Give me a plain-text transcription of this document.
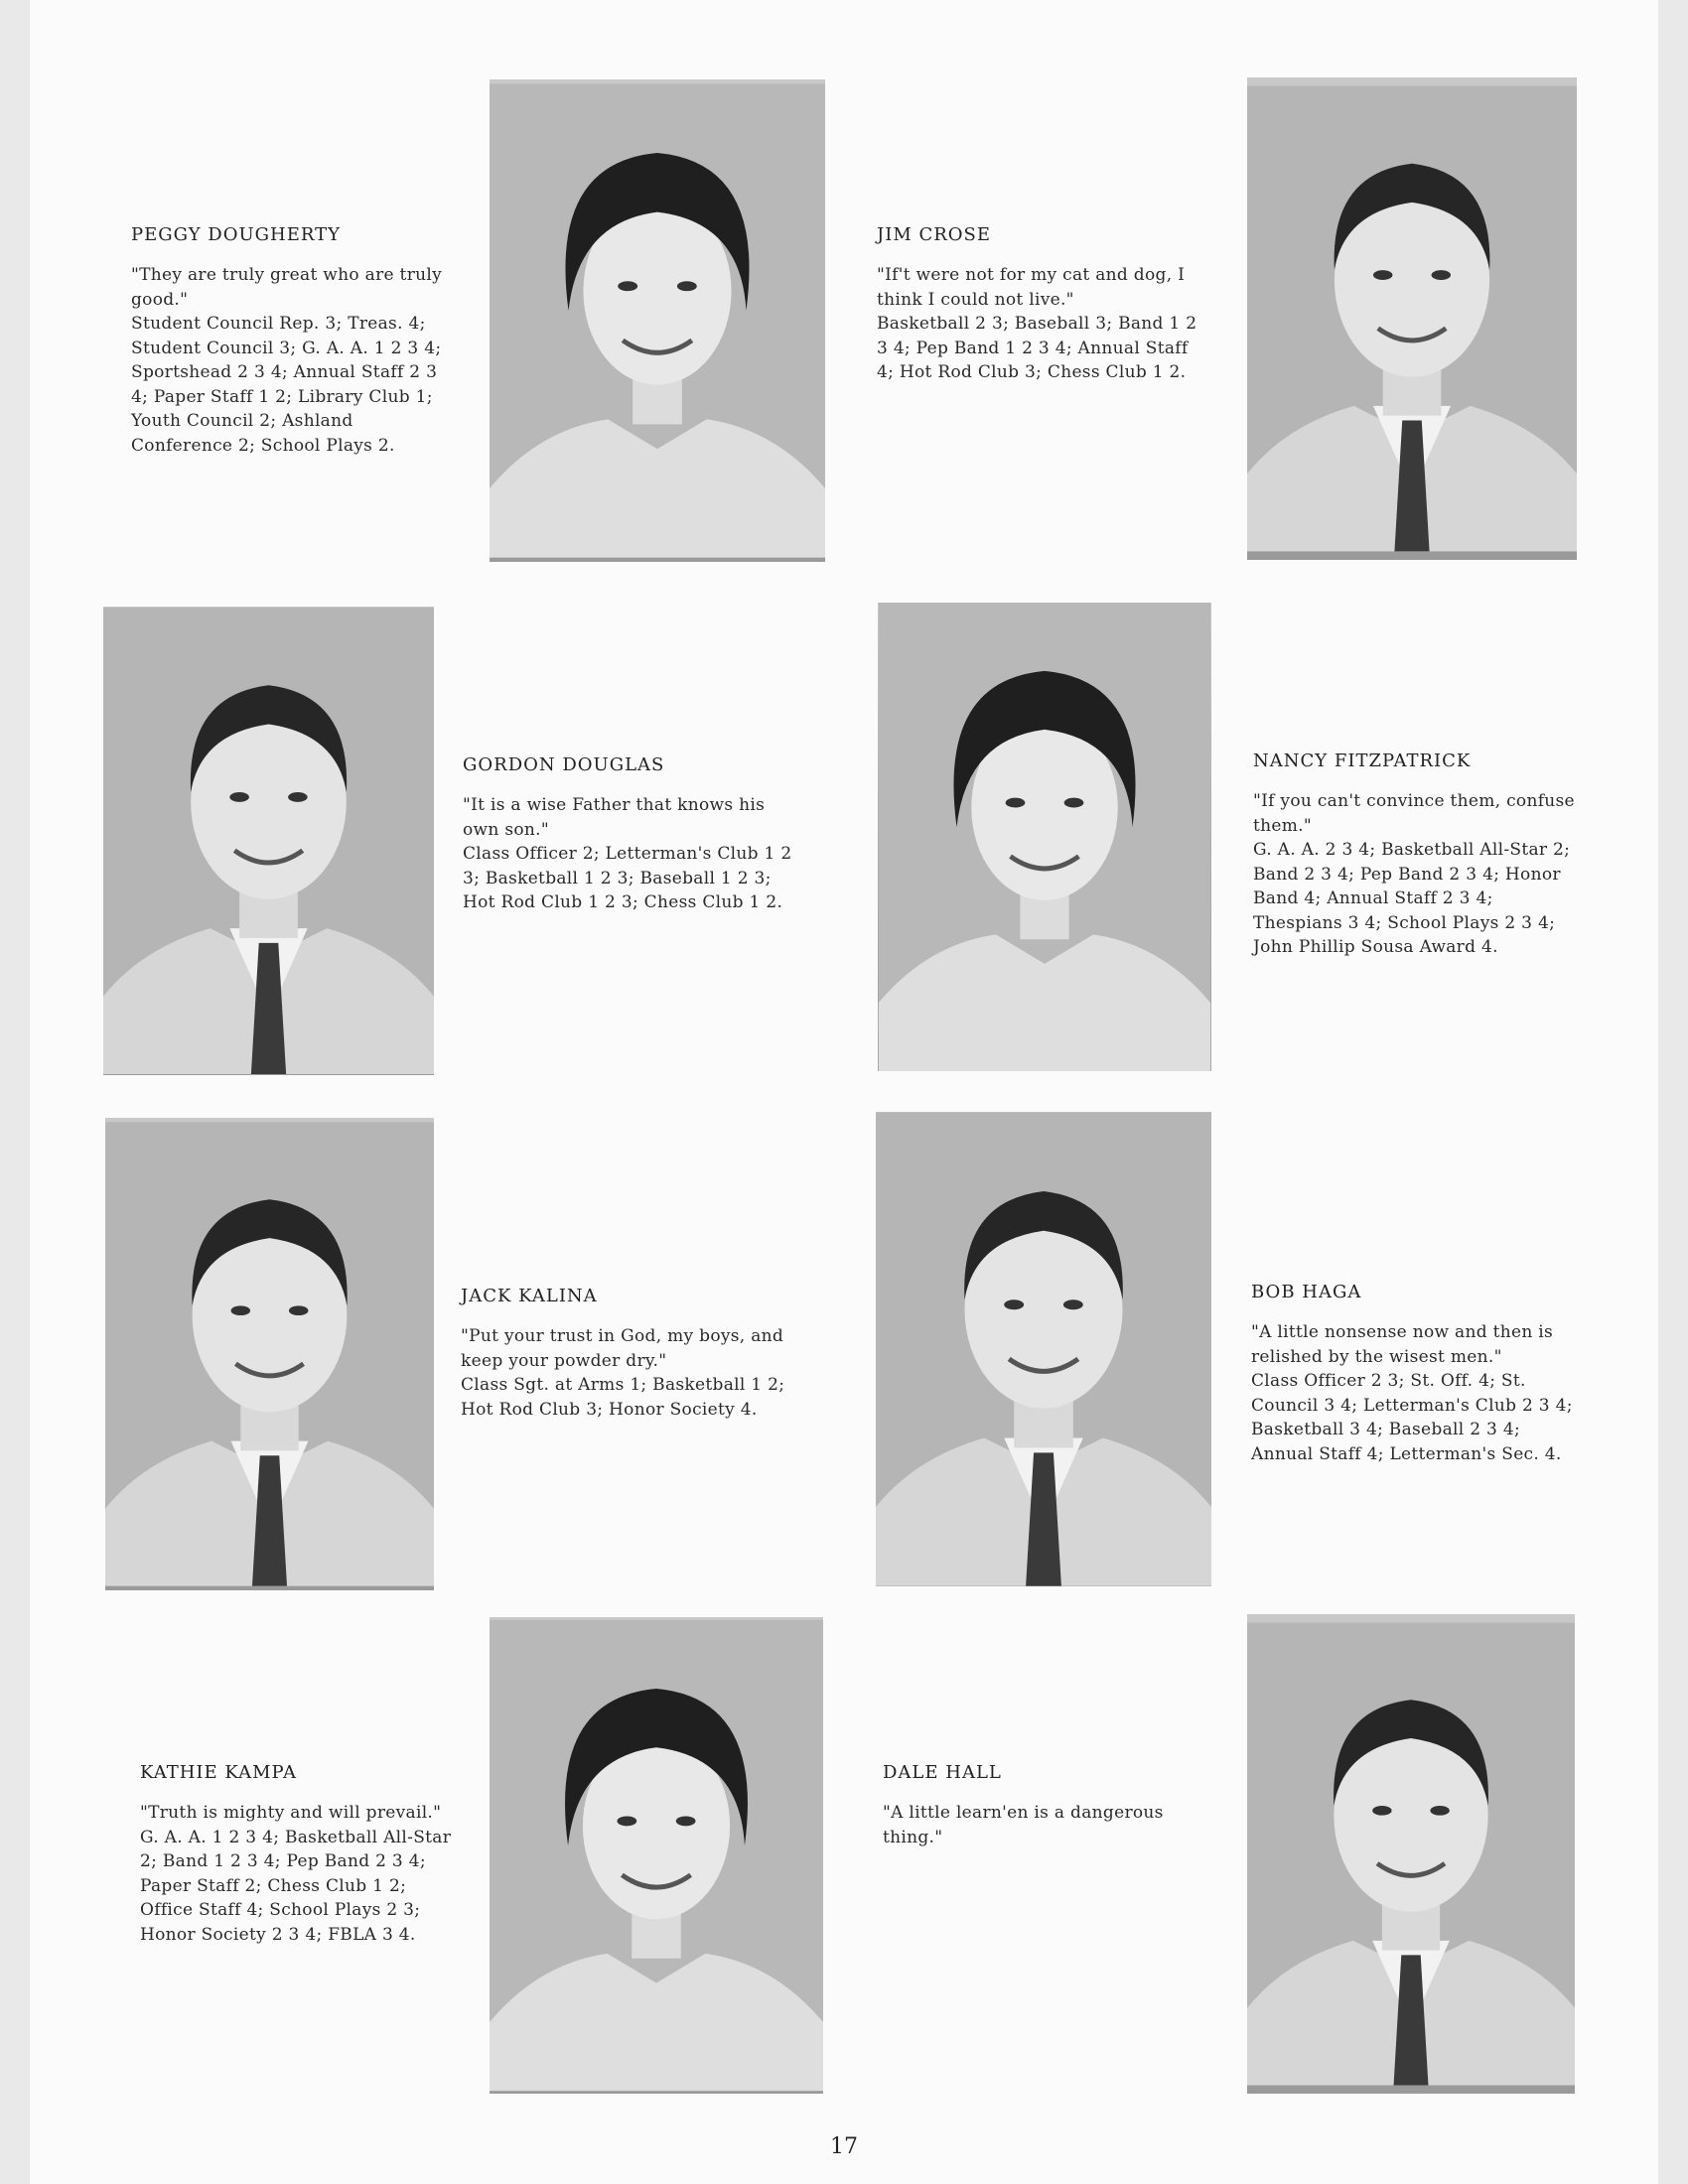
PEGGY DOUGHERTY

"They are truly great who are truly good."
Student Council Rep. 3; Treas. 4; Student Council 3; G. A. A. 1 2 3 4; Sportshead 2 3 4; Annual Staff 2 3 4; Paper Staff 1 2; Library Club 1; Youth Council 2; Ashland Conference 2; School Plays 2.

JIM CROSE

"If't were not for my cat and dog, I think I could not live."
Basketball 2 3; Baseball 3; Band 1 2 3 4; Pep Band 1 2 3 4; Annual Staff 4; Hot Rod Club 3; Chess Club 1 2.

GORDON DOUGLAS

"It is a wise Father that knows his own son."
Class Officer 2; Letterman's Club 1 2 3; Basketball 1 2 3; Baseball 1 2 3; Hot Rod Club 1 2 3; Chess Club 1 2.

NANCY FITZPATRICK

"If you can't convince them, confuse them."
G. A. A. 2 3 4; Basketball All-Star 2; Band 2 3 4; Pep Band 2 3 4; Honor Band 4; Annual Staff 2 3 4; Thespians 3 4; School Plays 2 3 4; John Phillip Sousa Award 4.

JACK KALINA

"Put your trust in God, my boys, and keep your powder dry."
Class Sgt. at Arms 1; Basketball 1 2; Hot Rod Club 3; Honor Society 4.

BOB HAGA

"A little nonsense now and then is relished by the wisest men."
Class Officer 2 3; St. Off. 4; St. Council 3 4; Letterman's Club 2 3 4; Basketball 3 4; Baseball 2 3 4; Annual Staff 4; Letterman's Sec. 4.

KATHIE KAMPA

"Truth is mighty and will prevail."
G. A. A. 1 2 3 4; Basketball All-Star 2; Band 1 2 3 4; Pep Band 2 3 4; Paper Staff 2; Chess Club 1 2; Office Staff 4; School Plays 2 3; Honor Society 2 3 4; FBLA 3 4.

DALE HALL

"A little learn'en is a dangerous thing."

17
